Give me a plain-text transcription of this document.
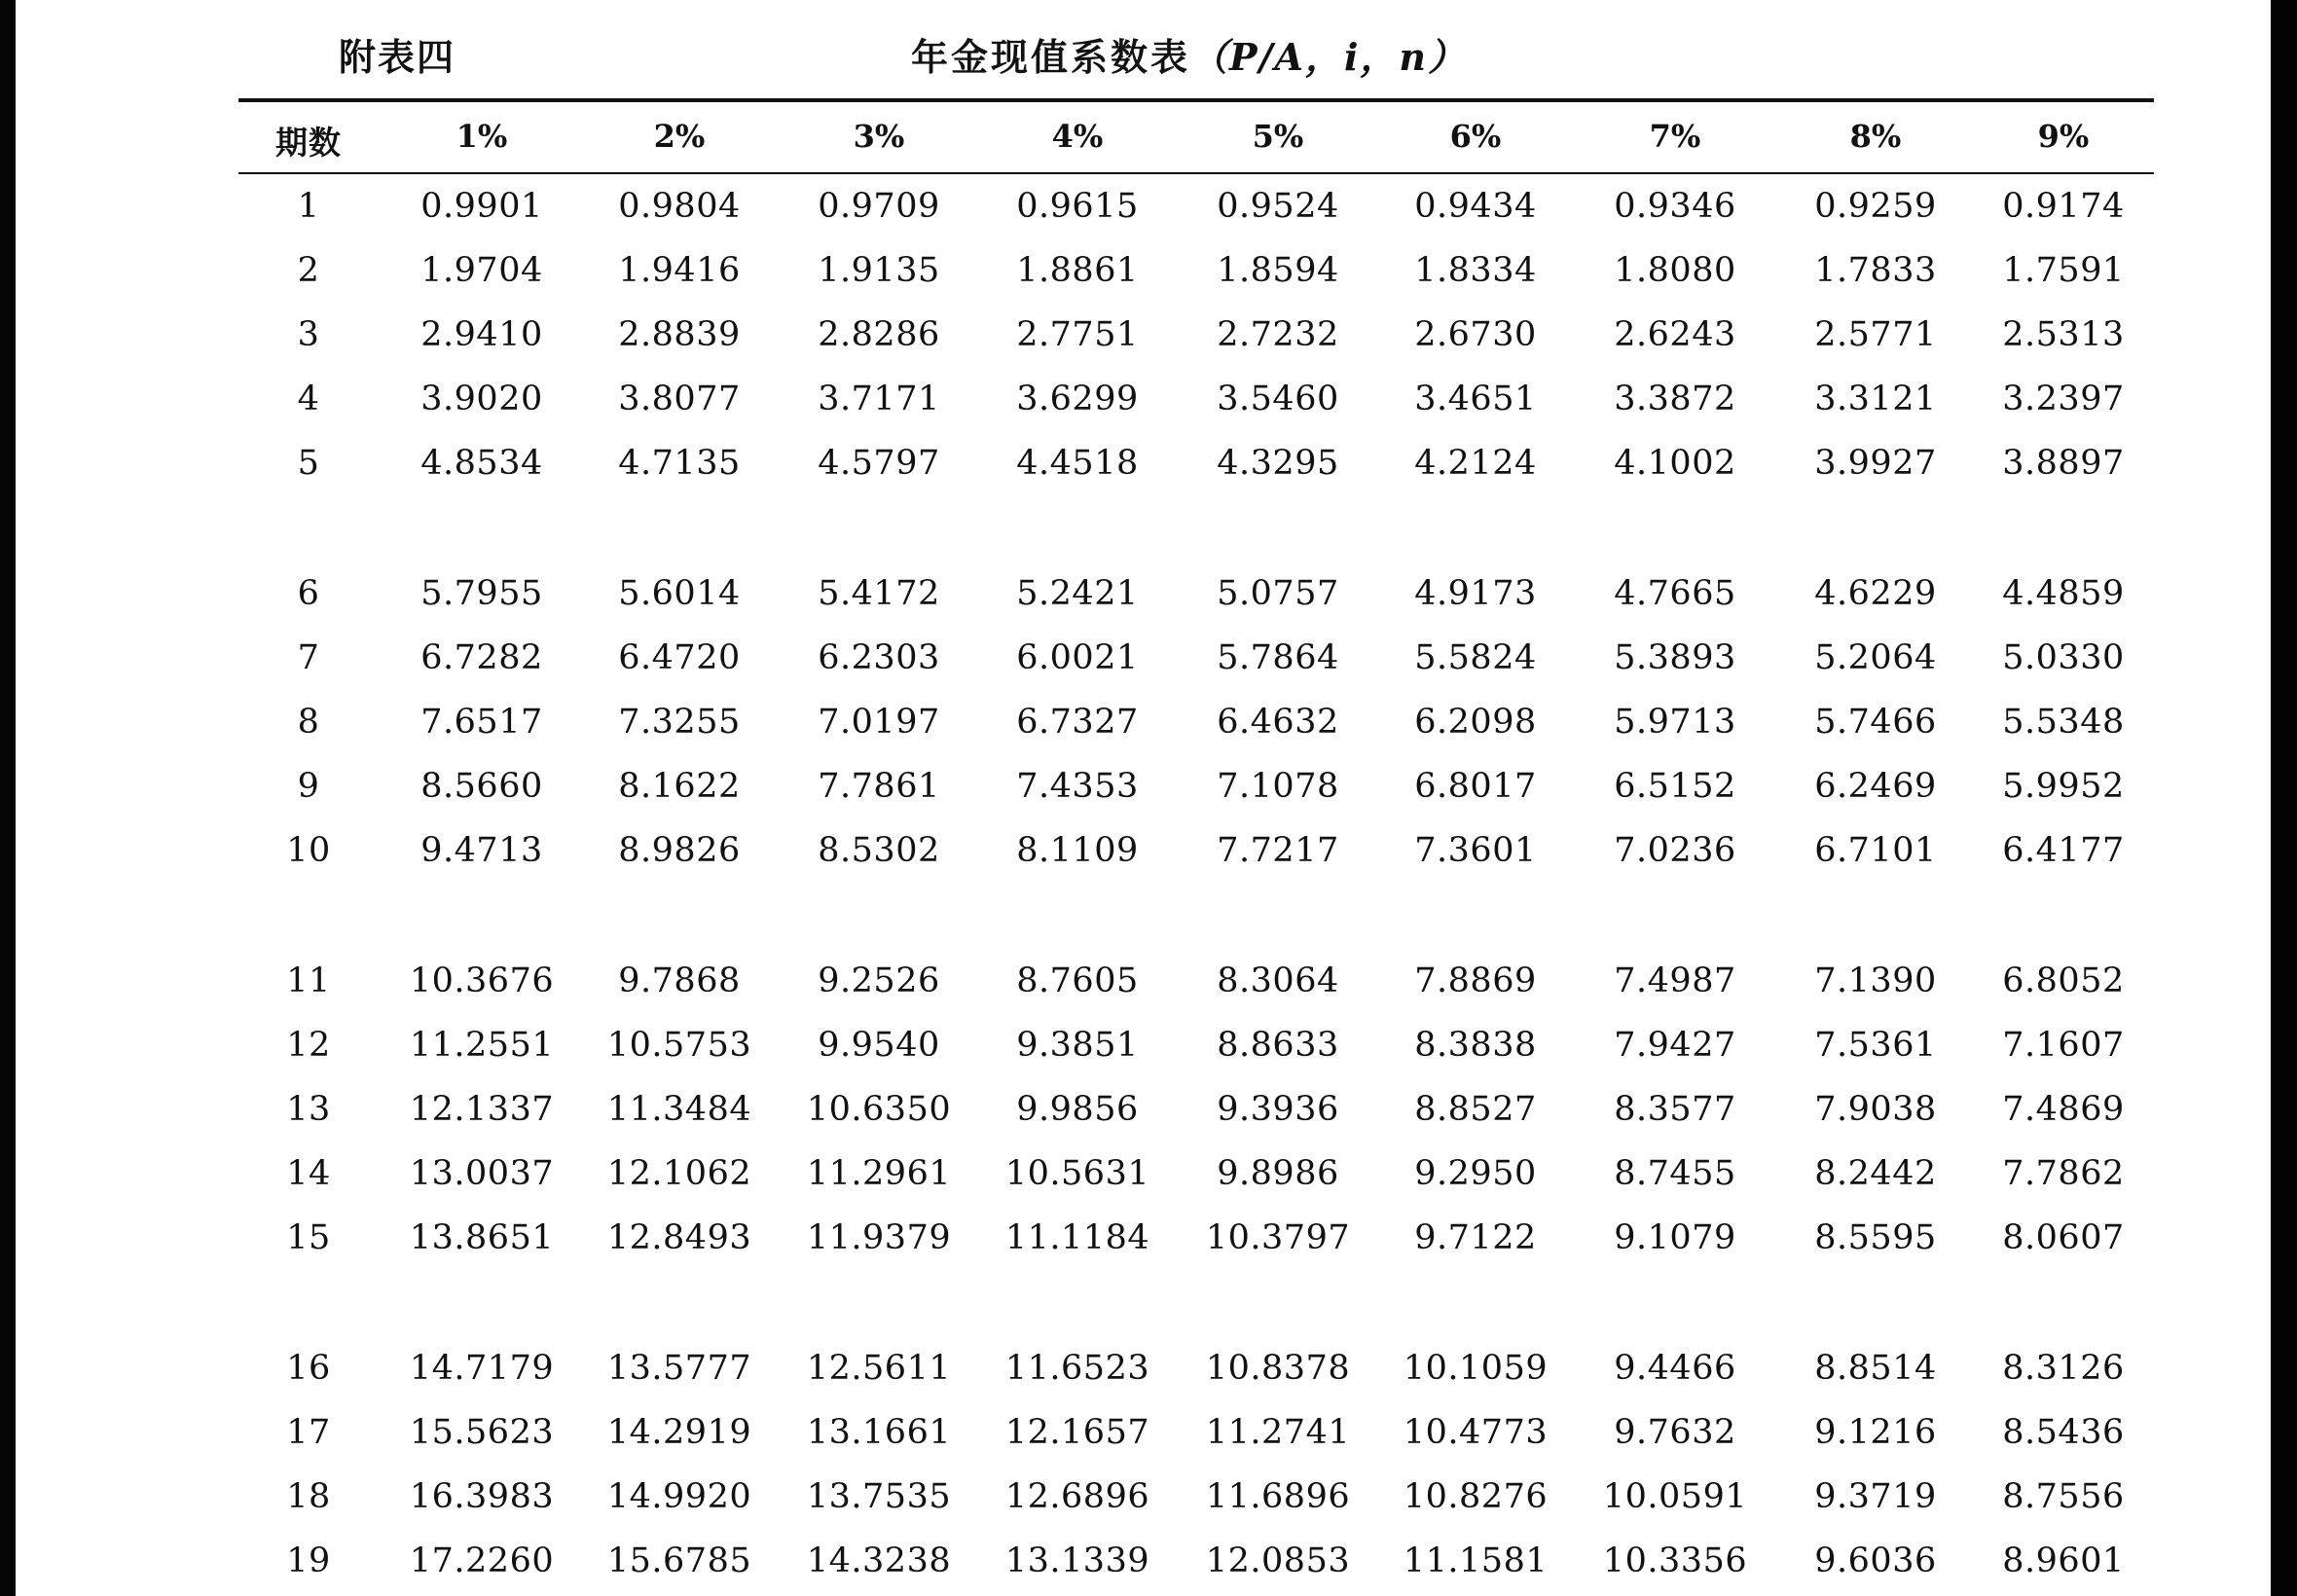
附表四	年金现值系数表（P/A，i，n）
期数	1%	2%	3%	4%	5%	6%	7%	8%	9%
1	0.9901	0.9804	0.9709	0.9615	0.9524	0.9434	0.9346	0.9259	0.9174
2	1.9704	1.9416	1.9135	1.8861	1.8594	1.8334	1.8080	1.7833	1.7591
3	2.9410	2.8839	2.8286	2.7751	2.7232	2.6730	2.6243	2.5771	2.5313
4	3.9020	3.8077	3.7171	3.6299	3.5460	3.4651	3.3872	3.3121	3.2397
5	4.8534	4.7135	4.5797	4.4518	4.3295	4.2124	4.1002	3.9927	3.8897
6	5.7955	5.6014	5.4172	5.2421	5.0757	4.9173	4.7665	4.6229	4.4859
7	6.7282	6.4720	6.2303	6.0021	5.7864	5.5824	5.3893	5.2064	5.0330
8	7.6517	7.3255	7.0197	6.7327	6.4632	6.2098	5.9713	5.7466	5.5348
9	8.5660	8.1622	7.7861	7.4353	7.1078	6.8017	6.5152	6.2469	5.9952
10	9.4713	8.9826	8.5302	8.1109	7.7217	7.3601	7.0236	6.7101	6.4177
11	10.3676	9.7868	9.2526	8.7605	8.3064	7.8869	7.4987	7.1390	6.8052
12	11.2551	10.5753	9.9540	9.3851	8.8633	8.3838	7.9427	7.5361	7.1607
13	12.1337	11.3484	10.6350	9.9856	9.3936	8.8527	8.3577	7.9038	7.4869
14	13.0037	12.1062	11.2961	10.5631	9.8986	9.2950	8.7455	8.2442	7.7862
15	13.8651	12.8493	11.9379	11.1184	10.3797	9.7122	9.1079	8.5595	8.0607
16	14.7179	13.5777	12.5611	11.6523	10.8378	10.1059	9.4466	8.8514	8.3126
17	15.5623	14.2919	13.1661	12.1657	11.2741	10.4773	9.7632	9.1216	8.5436
18	16.3983	14.9920	13.7535	12.6896	11.6896	10.8276	10.0591	9.3719	8.7556
19	17.2260	15.6785	14.3238	13.1339	12.0853	11.1581	10.3356	9.6036	8.9601
